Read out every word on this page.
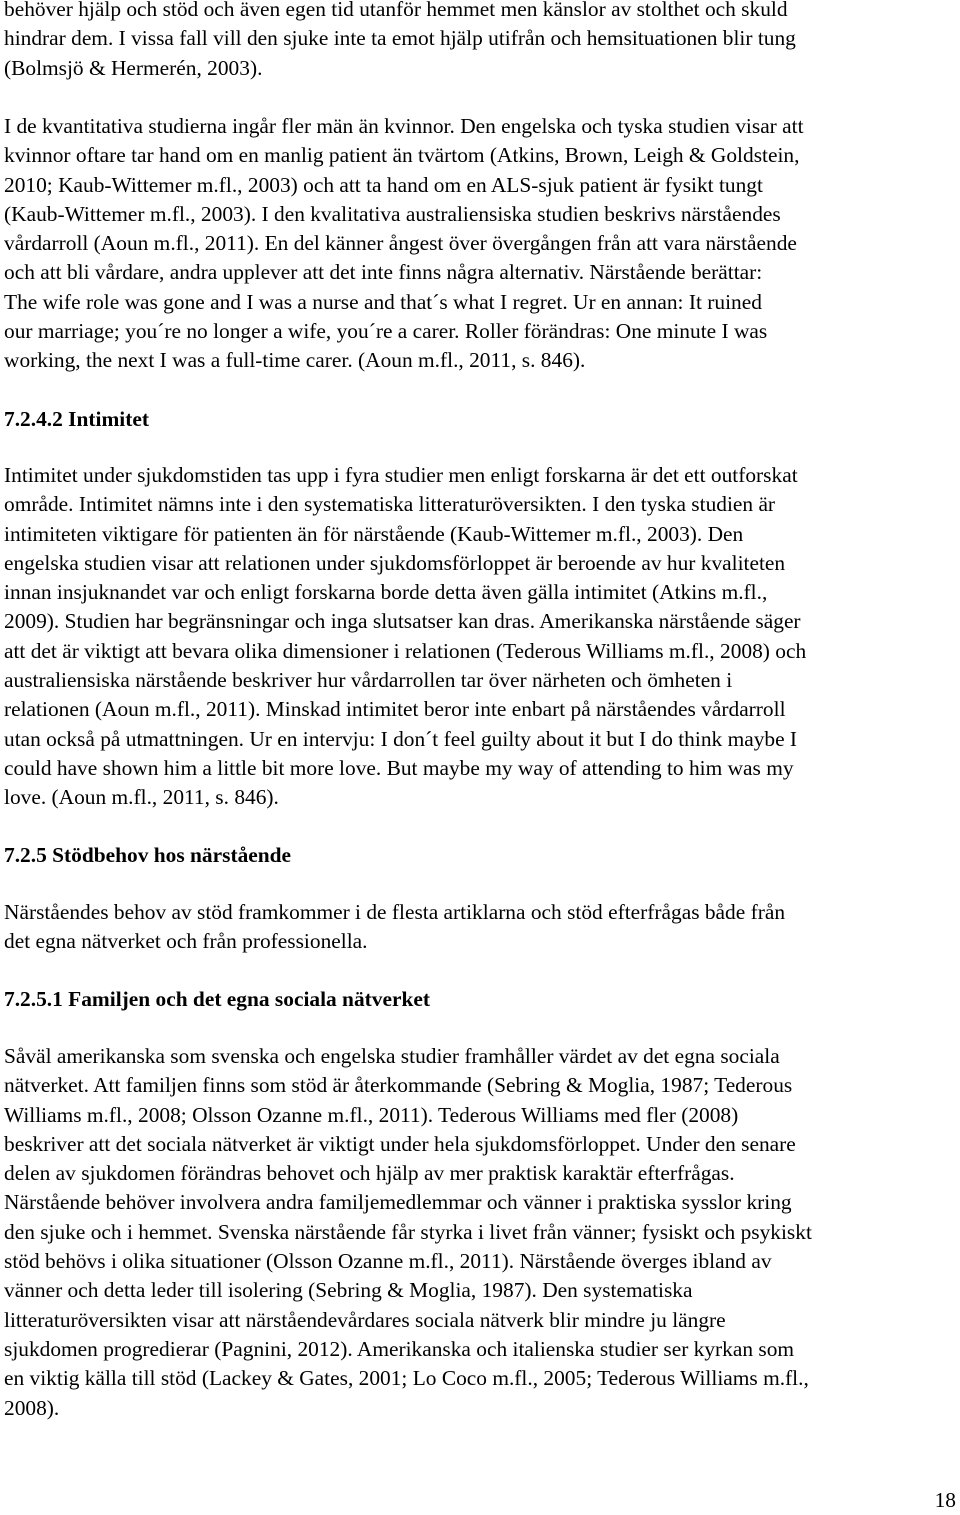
behöver hjälp och stöd och även egen tid utanför hemmet men känslor av stolthet och skuld
hindrar dem. I vissa fall vill den sjuke inte ta emot hjälp utifrån och hemsituationen blir tung
(Bolmsjö & Hermerén, 2003).

I de kvantitativa studierna ingår fler män än kvinnor. Den engelska och tyska studien visar att
kvinnor oftare tar hand om en manlig patient än tvärtom (Atkins, Brown, Leigh & Goldstein,
2010; Kaub-Wittemer m.fl., 2003) och att ta hand om en ALS-sjuk patient är fysikt tungt
(Kaub-Wittemer m.fl., 2003). I den kvalitativa australiensiska studien beskrivs närståendes
vårdarroll (Aoun m.fl., 2011). En del känner ångest över övergången från att vara närstående
och att bli vårdare, andra upplever att det inte finns några alternativ. Närstående berättar:
The wife role was gone and I was a nurse and that´s what I regret. Ur en annan: It ruined
our marriage; you´re no longer a wife, you´re a carer. Roller förändras: One minute I was
working, the next I was a full-time carer. (Aoun m.fl., 2011, s. 846).

7.2.4.2 Intimitet

Intimitet under sjukdomstiden tas upp i fyra studier men enligt forskarna är det ett outforskat
område. Intimitet nämns inte i den systematiska litteraturöversikten. I den tyska studien är
intimiteten viktigare för patienten än för närstående (Kaub-Wittemer m.fl., 2003). Den
engelska studien visar att relationen under sjukdomsförloppet är beroende av hur kvaliteten
innan insjuknandet var och enligt forskarna borde detta även gälla intimitet (Atkins m.fl.,
2009). Studien har begränsningar och inga slutsatser kan dras. Amerikanska närstående säger
att det är viktigt att bevara olika dimensioner i relationen (Tederous Williams m.fl., 2008) och
australiensiska närstående beskriver hur vårdarrollen tar över närheten och ömheten i
relationen (Aoun m.fl., 2011). Minskad intimitet beror inte enbart på närståendes vårdarroll
utan också på utmattningen. Ur en intervju: I don´t feel guilty about it but I do think maybe I
could have shown him a little bit more love. But maybe my way of attending to him was my
love. (Aoun m.fl., 2011, s. 846).

7.2.5 Stödbehov hos närstående

Närståendes behov av stöd framkommer i de flesta artiklarna och stöd efterfrågas både från
det egna nätverket och från professionella.

7.2.5.1 Familjen och det egna sociala nätverket

Såväl amerikanska som svenska och engelska studier framhåller värdet av det egna sociala
nätverket. Att familjen finns som stöd är återkommande (Sebring & Moglia, 1987; Tederous
Williams m.fl., 2008; Olsson Ozanne m.fl., 2011). Tederous Williams med fler (2008)
beskriver att det sociala nätverket är viktigt under hela sjukdomsförloppet. Under den senare
delen av sjukdomen förändras behovet och hjälp av mer praktisk karaktär efterfrågas.
Närstående behöver involvera andra familjemedlemmar och vänner i praktiska sysslor kring
den sjuke och i hemmet. Svenska närstående får styrka i livet från vänner; fysiskt och psykiskt
stöd behövs i olika situationer (Olsson Ozanne m.fl., 2011). Närstående överges ibland av
vänner och detta leder till isolering (Sebring & Moglia, 1987). Den systematiska
litteraturöversikten visar att närståendevårdares sociala nätverk blir mindre ju längre
sjukdomen progredierar (Pagnini, 2012). Amerikanska och italienska studier ser kyrkan som
en viktig källa till stöd (Lackey & Gates, 2001; Lo Coco m.fl., 2005; Tederous Williams m.fl.,
2008).

18
